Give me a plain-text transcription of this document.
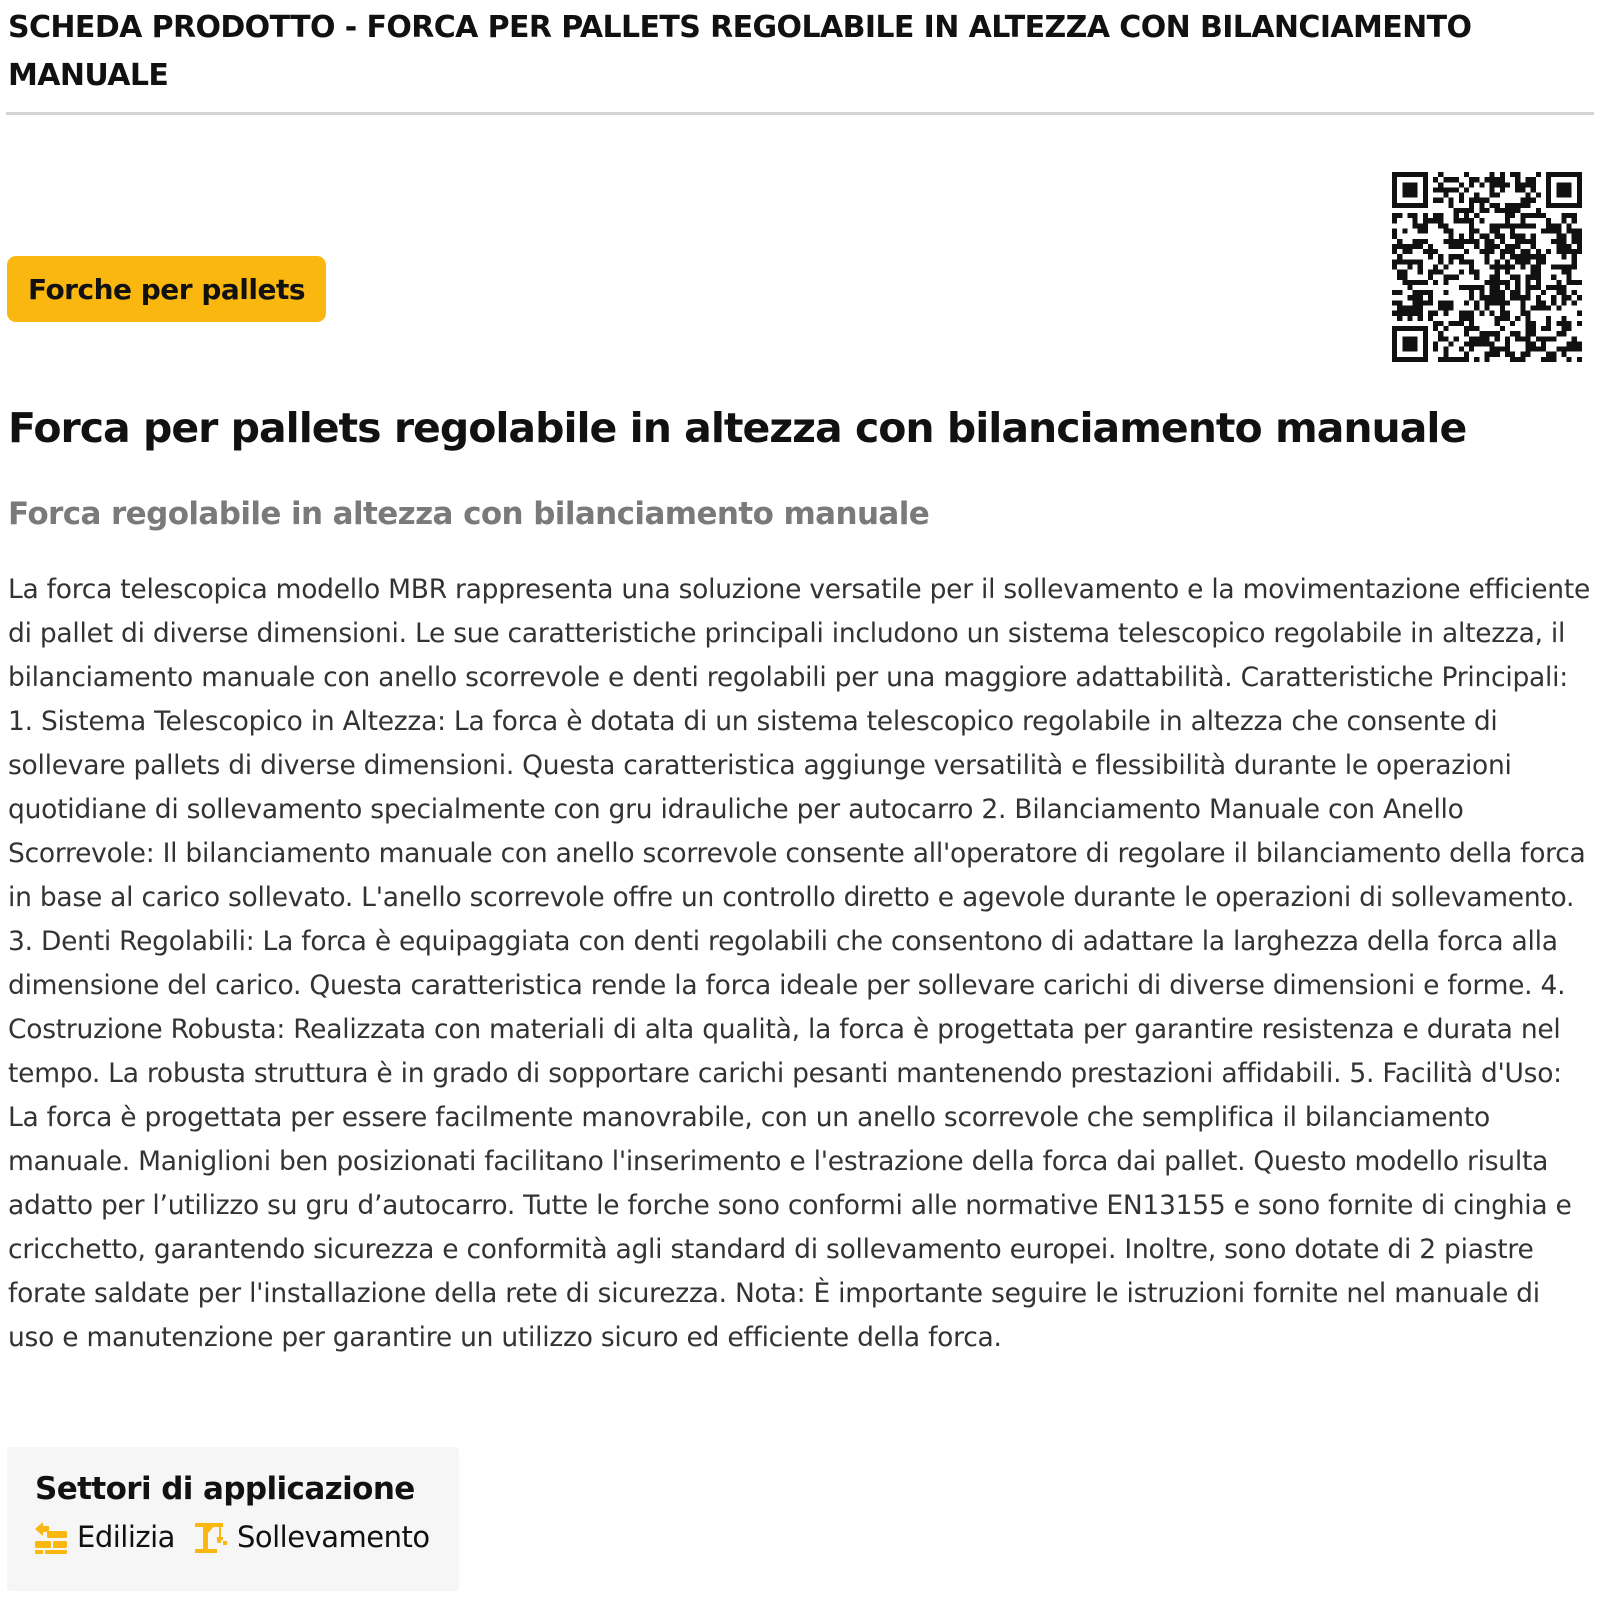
SCHEDA PRODOTTO - FORCA PER PALLETS REGOLABILE IN ALTEZZA CON BILANCIAMENTO MANUALE
Forche per pallets
Forca per pallets regolabile in altezza con bilanciamento manuale
Forca regolabile in altezza con bilanciamento manuale

La forca telescopica modello MBR rappresenta una soluzione versatile per il sollevamento e la movimentazione efficiente di pallet di diverse dimensioni. Le sue caratteristiche principali includono un sistema telescopico regolabile in altezza, il bilanciamento manuale con anello scorrevole e denti regolabili per una maggiore adattabilità. Caratteristiche Principali: 1. Sistema Telescopico in Altezza: La forca è dotata di un sistema telescopico regolabile in altezza che consente di sollevare pallets di diverse dimensioni. Questa caratteristica aggiunge versatilità e flessibilità durante le operazioni quotidiane di sollevamento specialmente con gru idrauliche per autocarro 2. Bilanciamento Manuale con Anello Scorrevole: Il bilanciamento manuale con anello scorrevole consente all'operatore di regolare il bilanciamento della forca in base al carico sollevato. L'anello scorrevole offre un controllo diretto e agevole durante le operazioni di sollevamento. 3. Denti Regolabili: La forca è equipaggiata con denti regolabili che consentono di adattare la larghezza della forca alla dimensione del carico. Questa caratteristica rende la forca ideale per sollevare carichi di diverse dimensioni e forme. 4. Costruzione Robusta: Realizzata con materiali di alta qualità, la forca è progettata per garantire resistenza e durata nel tempo. La robusta struttura è in grado di sopportare carichi pesanti mantenendo prestazioni affidabili. 5. Facilità d'Uso: La forca è progettata per essere facilmente manovrabile, con un anello scorrevole che semplifica il bilanciamento manuale. Maniglioni ben posizionati facilitano l'inserimento e l'estrazione della forca dai pallet. Questo modello risulta adatto per l’utilizzo su gru d’autocarro. Tutte le forche sono conformi alle normative EN13155 e sono fornite di cinghia e cricchetto, garantendo sicurezza e conformità agli standard di sollevamento europei. Inoltre, sono dotate di 2 piastre forate saldate per l'installazione della rete di sicurezza. Nota: È importante seguire le istruzioni fornite nel manuale di uso e manutenzione per garantire un utilizzo sicuro ed efficiente della forca.

Settori di applicazione
Edilizia Sollevamento
